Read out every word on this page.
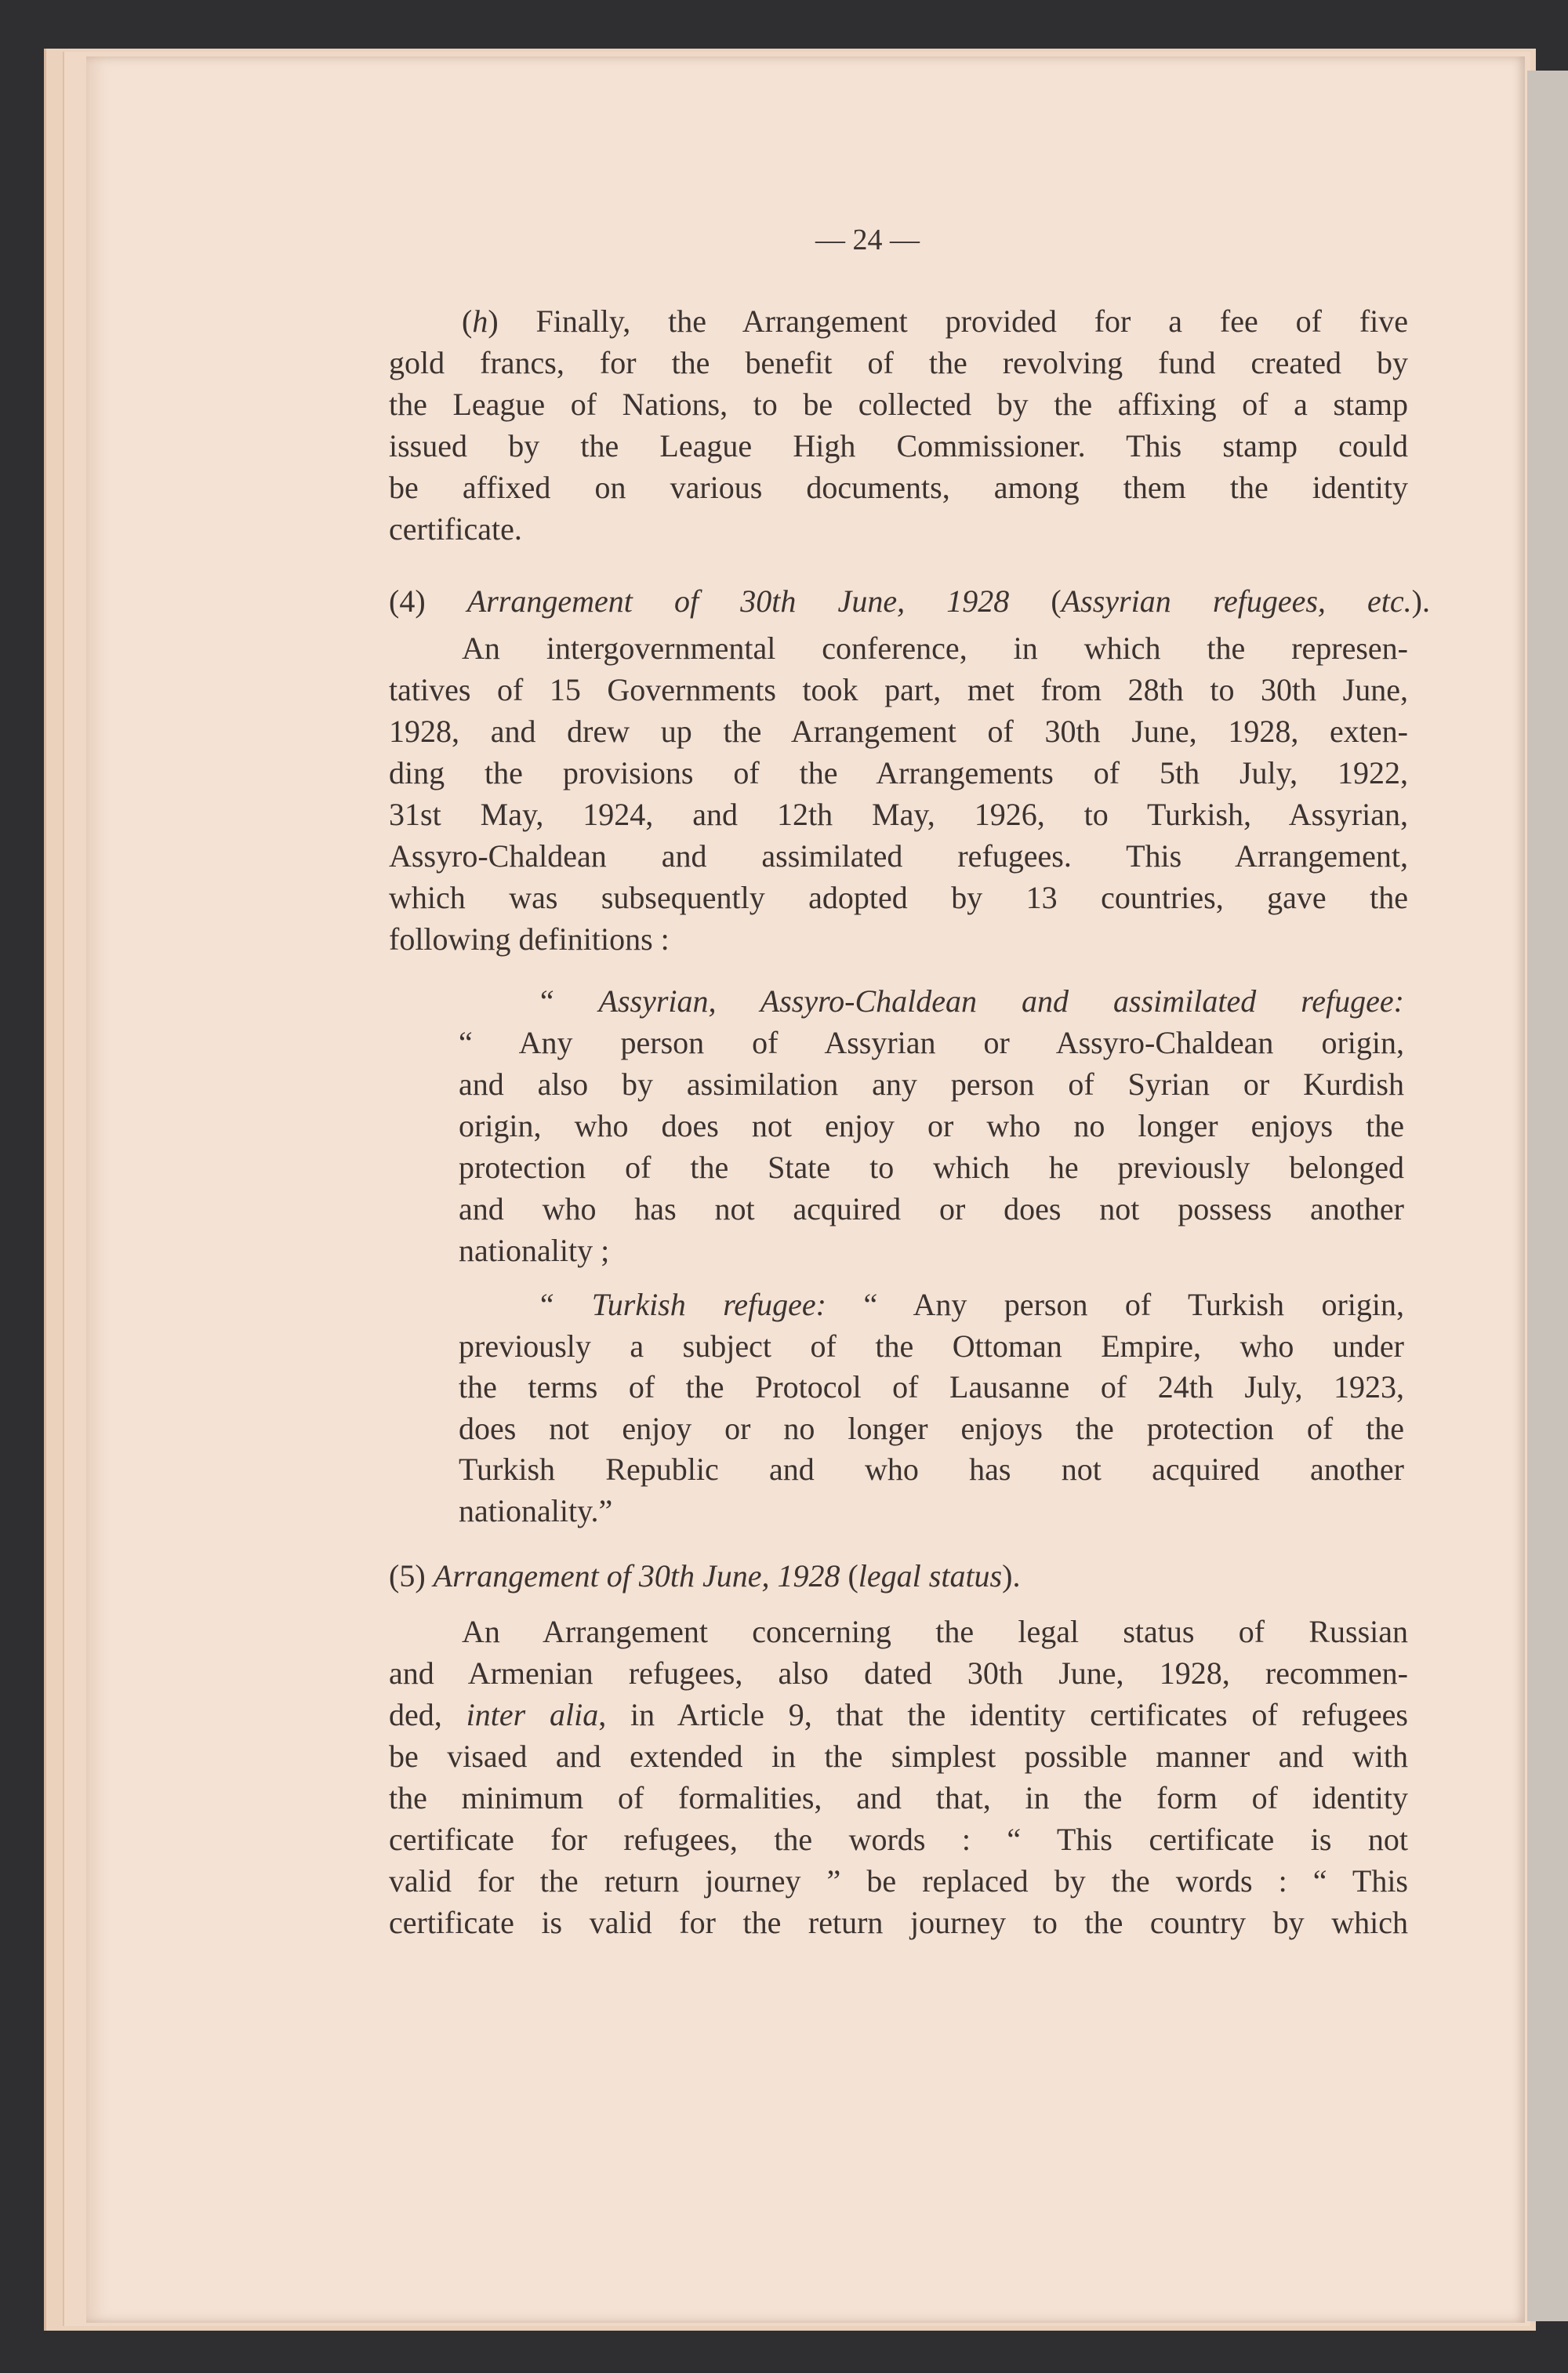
— 24 —
(h) Finally, the Arrangement provided for a fee of five
gold francs, for the benefit of the revolving fund created by
the League of Nations, to be collected by the affixing of a stamp
issued by the League High Commissioner. This stamp could
be affixed on various documents, among them the identity
certificate.
(4) Arrangement of 30th June, 1928 (Assyrian refugees, etc.).
An intergovernmental conference, in which the represen-
tatives of 15 Governments took part, met from 28th to 30th June,
1928, and drew up the Arrangement of 30th June, 1928, exten-
ding the provisions of the Arrangements of 5th July, 1922,
31st May, 1924, and 12th May, 1926, to Turkish, Assyrian,
Assyro-Chaldean and assimilated refugees. This Arrangement,
which was subsequently adopted by 13 countries, gave the
following definitions :
“ Assyrian, Assyro-Chaldean and assimilated refugee:
“ Any person of Assyrian or Assyro-Chaldean origin,
and also by assimilation any person of Syrian or Kurdish
origin, who does not enjoy or who no longer enjoys the
protection of the State to which he previously belonged
and who has not acquired or does not possess another
nationality ;
“ Turkish refugee: “ Any person of Turkish origin,
previously a subject of the Ottoman Empire, who under
the terms of the Protocol of Lausanne of 24th July, 1923,
does not enjoy or no longer enjoys the protection of the
Turkish Republic and who has not acquired another
nationality.”
(5) Arrangement of 30th June, 1928 (legal status).
An Arrangement concerning the legal status of Russian
and Armenian refugees, also dated 30th June, 1928, recommen-
ded, inter alia, in Article 9, that the identity certificates of refugees
be visaed and extended in the simplest possible manner and with
the minimum of formalities, and that, in the form of identity
certificate for refugees, the words : “ This certificate is not
valid for the return journey ” be replaced by the words : “ This
certificate is valid for the return journey to the country by which
